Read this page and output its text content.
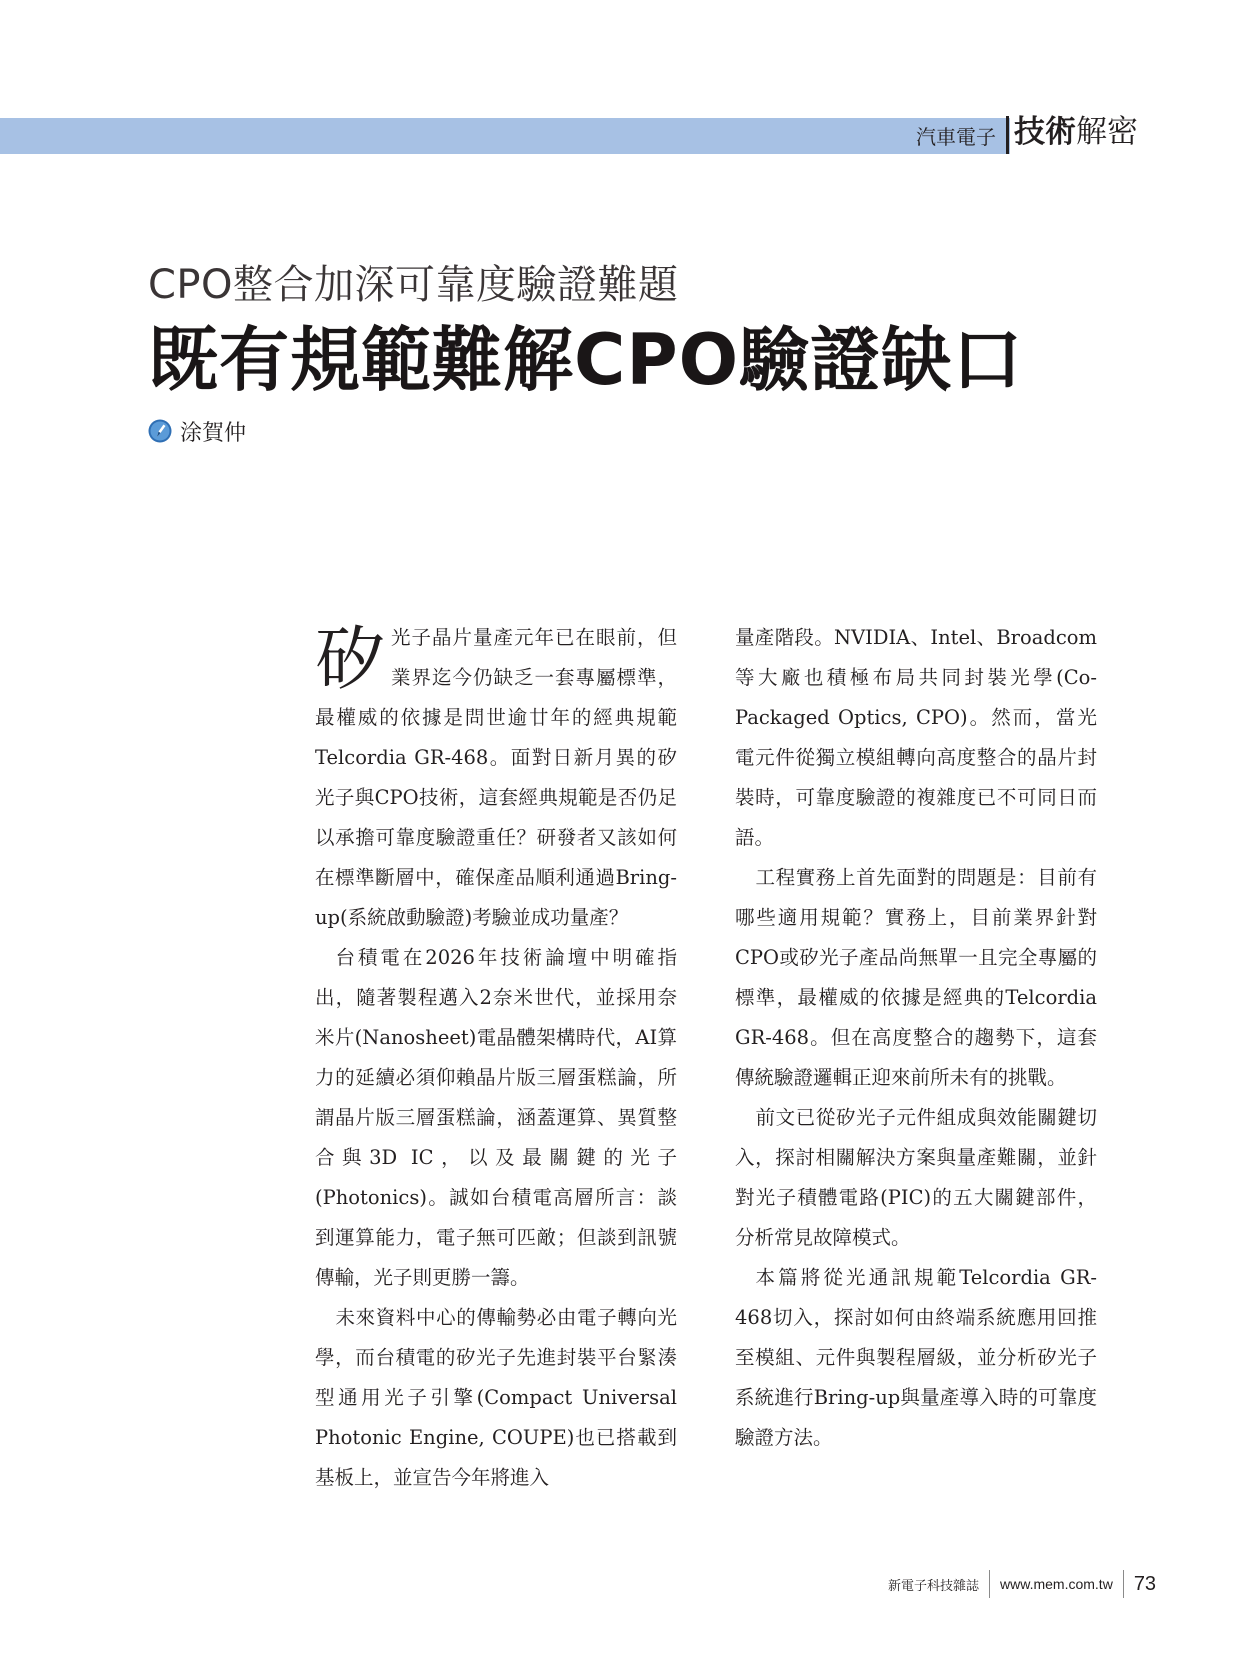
汽車電子 技術解密
CPO整合加深可靠度驗證難題
既有規範難解CPO驗證缺口
涂賀仲

矽光子晶片量產元年已在眼前，但業界迄今仍缺乏一套專屬標準，最權威的依據是問世逾廿年的經典規範Telcordia GR-468。面對日新月異的矽光子與CPO技術，這套經典規範是否仍足以承擔可靠度驗證重任？研發者又該如何在標準斷層中，確保產品順利通過Bring-up(系統啟動驗證)考驗並成功量產？

台積電在2026年技術論壇中明確指出，隨著製程邁入2奈米世代，並採用奈米片(Nanosheet)電晶體架構時代，AI算力的延續必須仰賴晶片版三層蛋糕論，所謂晶片版三層蛋糕論，涵蓋運算、異質整合與3D IC，以及最關鍵的光子(Photonics)。誠如台積電高層所言：談到運算能力，電子無可匹敵；但談到訊號傳輸，光子則更勝一籌。

未來資料中心的傳輸勢必由電子轉向光學，而台積電的矽光子先進封裝平台緊湊型通用光子引擎(Compact Universal Photonic Engine, COUPE)也已搭載到基板上，並宣告今年將進入

量產階段。NVIDIA、Intel、Broadcom等大廠也積極布局共同封裝光學(Co-Packaged Optics, CPO)。然而，當光電元件從獨立模組轉向高度整合的晶片封裝時，可靠度驗證的複雜度已不可同日而語。

工程實務上首先面對的問題是：目前有哪些適用規範？實務上，目前業界針對CPO或矽光子產品尚無單一且完全專屬的標準，最權威的依據是經典的Telcordia GR-468。但在高度整合的趨勢下，這套傳統驗證邏輯正迎來前所未有的挑戰。

前文已從矽光子元件組成與效能關鍵切入，探討相關解決方案與量產難關，並針對光子積體電路(PIC)的五大關鍵部件，分析常見故障模式。

本篇將從光通訊規範Telcordia GR-468切入，探討如何由終端系統應用回推至模組、元件與製程層級，並分析矽光子系統進行Bring-up與量產導入時的可靠度驗證方法。

新電子科技雜誌 www.mem.com.tw 73
